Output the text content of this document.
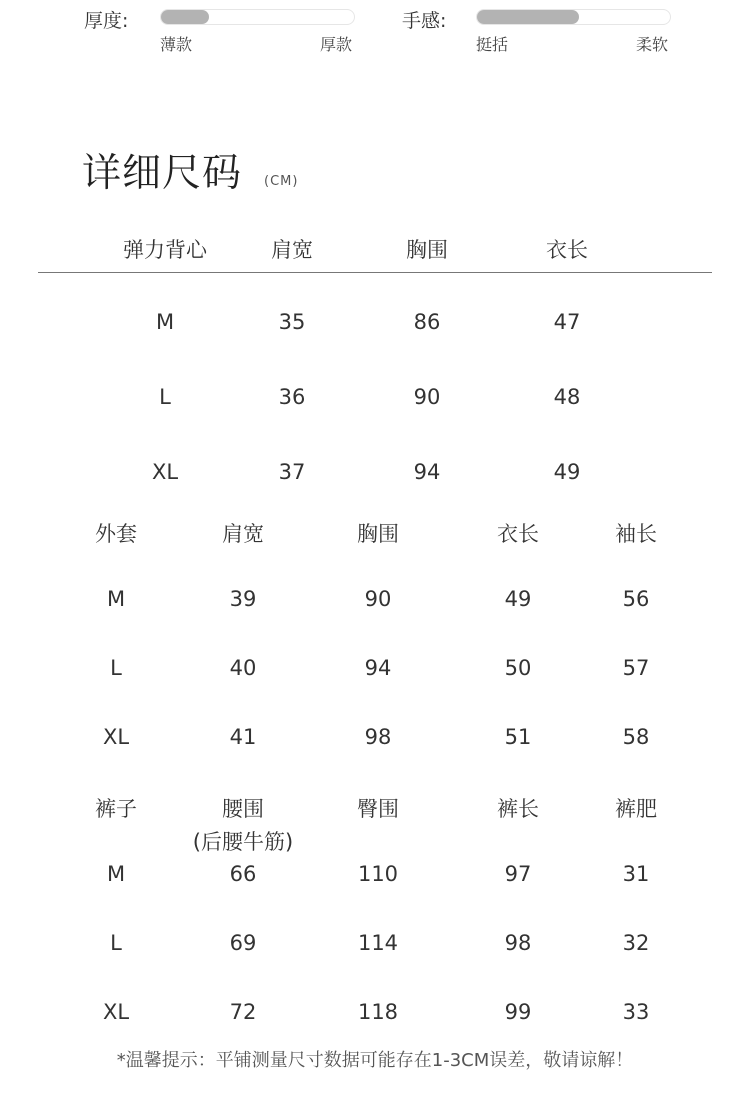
厚度:
薄款	厚款
手感:
挺括	柔软
详细尺码 (CM)
弹力背心	肩宽	胸围	衣长
M	35	86	47
L	36	90	48
XL	37	94	49
外套	肩宽	胸围	衣长	袖长
M	39	90	49	56
L	40	94	50	57
XL	41	98	51	58
裤子	腰围	臀围	裤长	裤肥
M	66	110	97	31
L	69	114	98	32
XL	72	118	99	33
(后腰牛筋)
*温馨提示：平铺测量尺寸数据可能存在1-3CM误差，敬请谅解！
